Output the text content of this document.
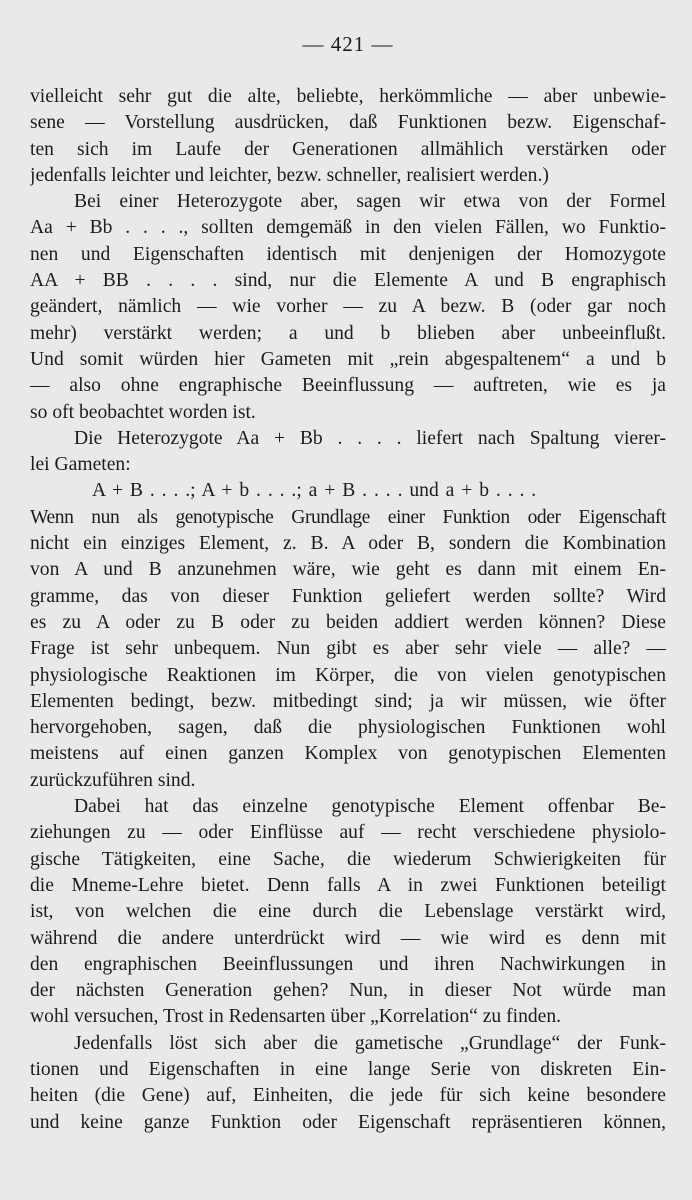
— 421 —
vielleicht sehr gut die alte, beliebte, herkömmliche — aber unbewie-
sene — Vorstellung ausdrücken, daß Funktionen bezw. Eigenschaf-
ten sich im Laufe der Generationen allmählich verstärken oder
jedenfalls leichter und leichter, bezw. schneller, realisiert werden.)
Bei einer Heterozygote aber, sagen wir etwa von der Formel
Aa + Bb . . . ., sollten demgemäß in den vielen Fällen, wo Funktio-
nen und Eigenschaften identisch mit denjenigen der Homozygote
AA + BB . . . . sind, nur die Elemente A und B engraphisch
geändert, nämlich — wie vorher — zu A bezw. B (oder gar noch
mehr) verstärkt werden; a und b blieben aber unbeeinflußt.
Und somit würden hier Gameten mit „rein abgespaltenem“ a und b
— also ohne engraphische Beeinflussung — auftreten, wie es ja
so oft beobachtet worden ist.
Die Heterozygote Aa + Bb . . . . liefert nach Spaltung vierer-
lei Gameten:
A + B . . . .; A + b . . . .; a + B . . . . und a + b . . . .
Wenn nun als genotypische Grundlage einer Funktion oder Eigenschaft
nicht ein einziges Element, z. B. A oder B, sondern die Kombination
von A und B anzunehmen wäre, wie geht es dann mit einem En-
gramme, das von dieser Funktion geliefert werden sollte? Wird
es zu A oder zu B oder zu beiden addiert werden können? Diese
Frage ist sehr unbequem. Nun gibt es aber sehr viele — alle? —
physiologische Reaktionen im Körper, die von vielen genotypischen
Elementen bedingt, bezw. mitbedingt sind; ja wir müssen, wie öfter
hervorgehoben, sagen, daß die physiologischen Funktionen wohl
meistens auf einen ganzen Komplex von genotypischen Elementen
zurückzuführen sind.
Dabei hat das einzelne genotypische Element offenbar Be-
ziehungen zu — oder Einflüsse auf — recht verschiedene physiolo-
gische Tätigkeiten, eine Sache, die wiederum Schwierigkeiten für
die Mneme-Lehre bietet. Denn falls A in zwei Funktionen beteiligt
ist, von welchen die eine durch die Lebenslage verstärkt wird,
während die andere unterdrückt wird — wie wird es denn mit
den engraphischen Beeinflussungen und ihren Nachwirkungen in
der nächsten Generation gehen? Nun, in dieser Not würde man
wohl versuchen, Trost in Redensarten über „Korrelation“ zu finden.
Jedenfalls löst sich aber die gametische „Grundlage“ der Funk-
tionen und Eigenschaften in eine lange Serie von diskreten Ein-
heiten (die Gene) auf, Einheiten, die jede für sich keine besondere
und keine ganze Funktion oder Eigenschaft repräsentieren können,
